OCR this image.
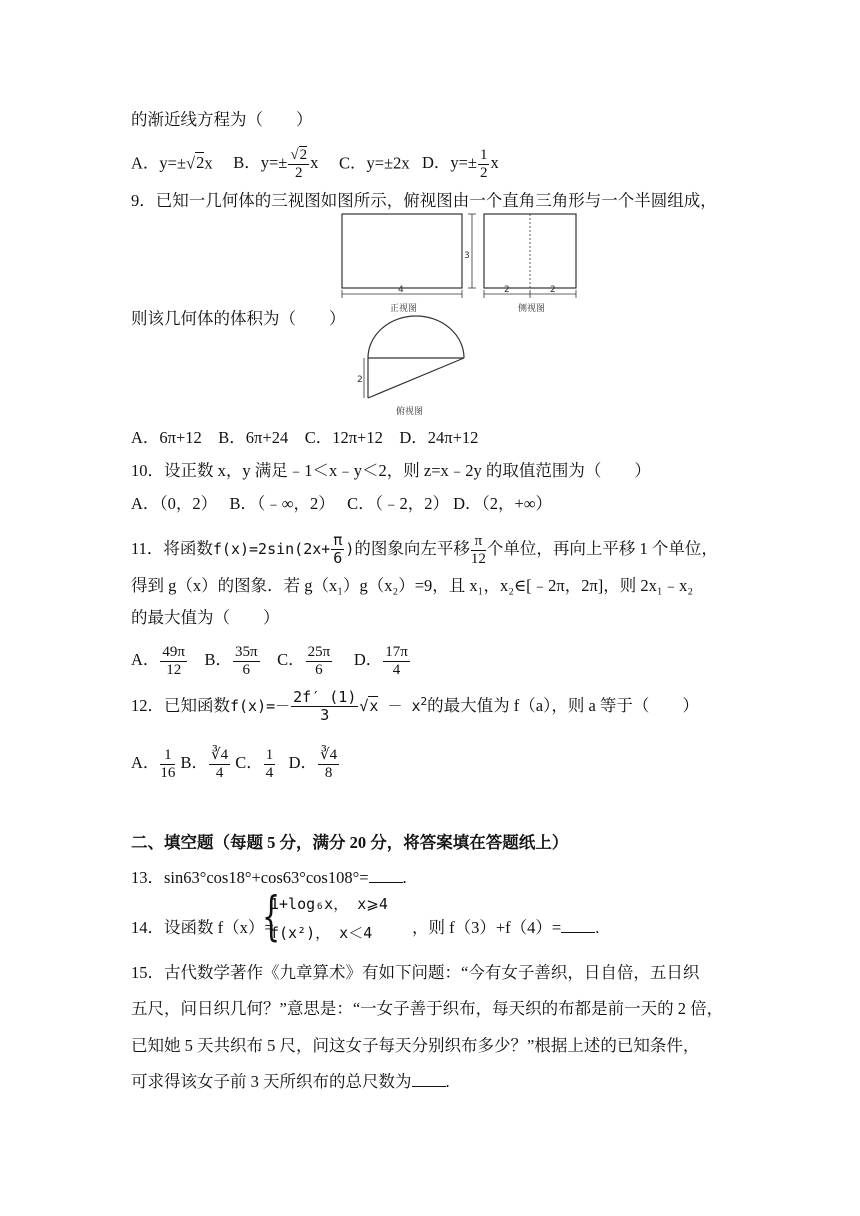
的渐近线方程为（　　）
A．y=±√2x B．$y=\pm \frac{√2}{2}$ x C．y=±2x D．$y=\pm \frac{1}{2}$ x
9．已知一几何体的三视图如图所示，俯视图由一个直角三角形与一个半圆组成，
则该几何体的体积为（　　）
3
4
正视图
2	2
侧视图
2
俯视图
A．6π+12　B．6π+24　C．12π+12　D．24π+12
10．设正数 x，y 满足﹣1＜x﹣y＜2，则 z=x﹣2y 的取值范围为（　　）
A．（0，2）　 B．（﹣∞，2）　 C．（﹣2，2） D．（2，+∞）
11．将函数$f(x)=2\sin(2x+ \frac{\pi}{6}$ )的图象向左平移 $\frac{\pi}{12}$ 个单位，再向上平移 1 个单位，
得到 g（x）的图象．若 g（x₁）g（x₂）=9，且 x₁，x₂∈[﹣2π，2π]，则 2x₁﹣x₂
的最大值为（　　）
A． $\frac{49\pi}{12}$ B． $\frac{35\pi}{6}$ C． $\frac{25\pi}{6}$ D． $\frac{17\pi}{4}$
12．已知函数$f(x)=- \frac{2f' (1)}{3} √x - x^2$的最大值为 f（a），则 a 等于（　　）
A． $\frac{1}{16}$ B． $\frac{∛4}{4}$ C． $\frac{1}{4}$ D． $\frac{∛4}{8}$
二、填空题（每题 5 分，满分 20 分，将答案填在答题纸上）
13．sin63°cos18°+cos63°cos108°= .
14．设函数 f（x）=
{
1+log₆x， x⩾4
f(x²)， x＜4	，则 f（3）+f（4）= .
15．古代数学著作《九章算术》有如下问题：“今有女子善织，日自倍，五日织
五尺，问日织几何？”意思是：“一女子善于织布，每天织的布都是前一天的 2 倍，
已知她 5 天共织布 5 尺，问这女子每天分别织布多少？”根据上述的已知条件，
可求得该女子前 3 天所织布的总尺数为 .
